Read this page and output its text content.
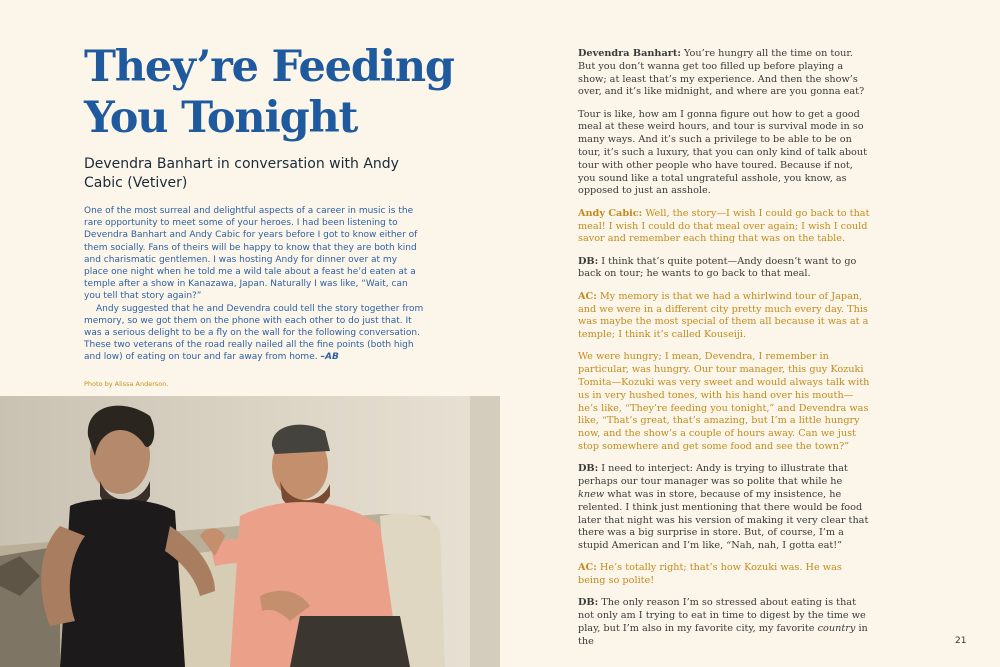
They’re Feeding You Tonight
Devendra Banhart in conversation with Andy Cabic (Vetiver)

One of the most surreal and delightful aspects of a career in music is the rare opportunity to meet some of your heroes. I had been listening to Devendra Banhart and Andy Cabic for years before I got to know either of them socially. Fans of theirs will be happy to know that they are both kind and charismatic gentlemen. I was hosting Andy for dinner over at my place one night when he told me a wild tale about a feast he’d eaten at a temple after a show in Kanazawa, Japan. Naturally I was like, “Wait, can you tell that story again?”

Andy suggested that he and Devendra could tell the story together from memory, so we got them on the phone with each other to do just that. It was a serious delight to be a fly on the wall for the following conversation. These two veterans of the road really nailed all the fine points (both high and low) of eating on tour and far away from home. –AB

Photo by Alissa Anderson.

Devendra Banhart: You’re hungry all the time on tour. But you don’t wanna get too filled up before playing a show; at least that’s my experience. And then the show’s over, and it’s like midnight, and where are you gonna eat?

Tour is like, how am I gonna figure out how to get a good meal at these weird hours, and tour is survival mode in so many ways. And it’s such a privilege to be able to be on tour, it’s such a luxury, that you can only kind of talk about tour with other people who have toured. Because if not, you sound like a total ungrateful asshole, you know, as opposed to just an asshole.

Andy Cabic: Well, the story—I wish I could go back to that meal! I wish I could do that meal over again; I wish I could savor and remember each thing that was on the table.

DB: I think that’s quite potent—Andy doesn’t want to go back on tour; he wants to go back to that meal.

AC: My memory is that we had a whirlwind tour of Japan, and we were in a different city pretty much every day. This was maybe the most special of them all because it was at a temple; I think it’s called Kouseiji.

We were hungry; I mean, Devendra, I remember in particular, was hungry. Our tour manager, this guy Kozuki Tomita—Kozuki was very sweet and would always talk with us in very hushed tones, with his hand over his mouth—he’s like, “They’re feeding you tonight,” and Devendra was like, “That’s great, that’s amazing, but I’m a little hungry now, and the show’s a couple of hours away. Can we just stop somewhere and get some food and see the town?”

DB: I need to interject: Andy is trying to illustrate that perhaps our tour manager was so polite that while he knew what was in store, because of my insistence, he relented. I think just mentioning that there would be food later that night was his version of making it very clear that there was a big surprise in store. But, of course, I’m a stupid American and I’m like, “Nah, nah, I gotta eat!”

AC: He’s totally right; that’s how Kozuki was. He was being so polite!

DB: The only reason I’m so stressed about eating is that not only am I trying to eat in time to digest by the time we play, but I’m also in my favorite city, my favorite country in the	21
